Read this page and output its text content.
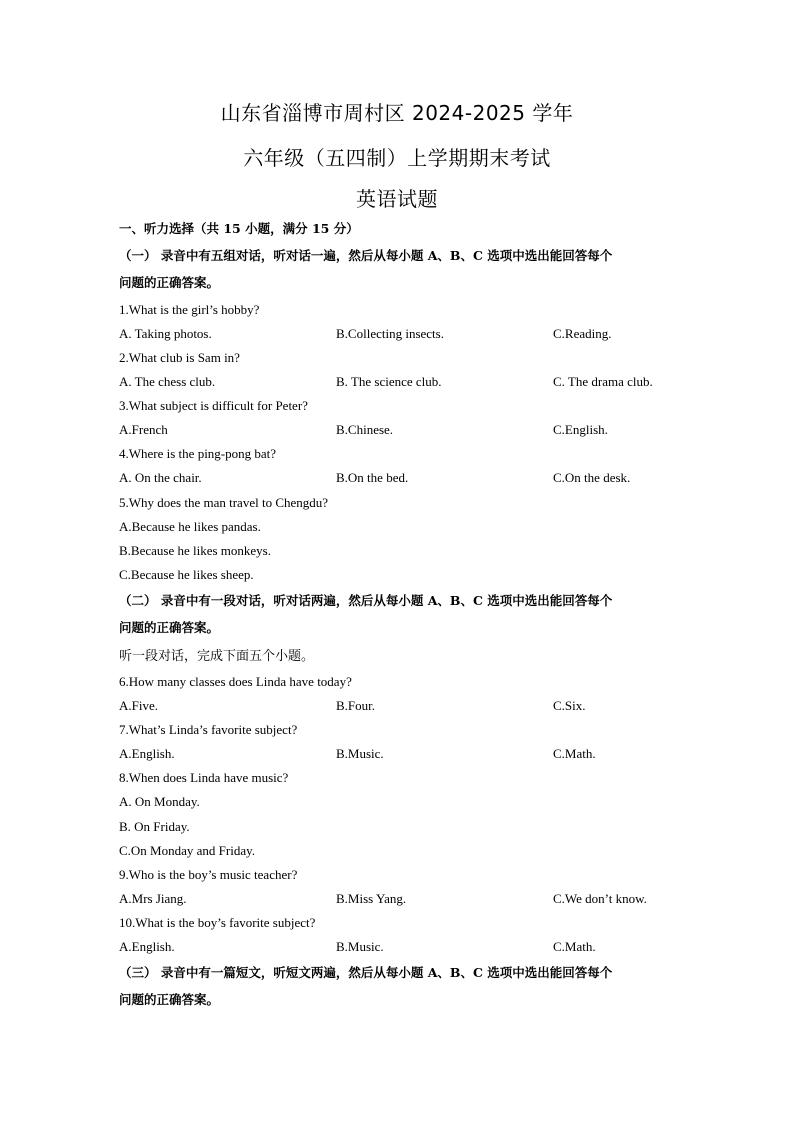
山东省淄博市周村区 2024-2025 学年
六年级（五四制）上学期期末考试
英语试题
一、听力选择（共 15 小题，满分 15 分）
（一） 录音中有五组对话，听对话一遍，然后从每小题 A、B、C 选项中选出能回答每个
问题的正确答案。
1.What is the girl’s hobby?
A. Taking photos.	B.Collecting insects.	C.Reading.
2.What club is Sam in?
A. The chess club.	B. The science club.	C. The drama club.
3.What subject is difficult for Peter?
A.French	B.Chinese.	C.English.
4.Where is the ping-pong bat?
A. On the chair.	B.On the bed.	C.On the desk.
5.Why does the man travel to Chengdu?
A.Because he likes pandas.
B.Because he likes monkeys.
C.Because he likes sheep.
（二） 录音中有一段对话，听对话两遍，然后从每小题 A、B、C 选项中选出能回答每个
问题的正确答案。
听一段对话，完成下面五个小题。
6.How many classes does Linda have today?
A.Five.	B.Four.	C.Six.
7.What’s Linda’s favorite subject?
A.English.	B.Music.	C.Math.
8.When does Linda have music?
A. On Monday.
B. On Friday.
C.On Monday and Friday.
9.Who is the boy’s music teacher?
A.Mrs Jiang.	B.Miss Yang.	C.We don’t know.
10.What is the boy’s favorite subject?
A.English.	B.Music.	C.Math.
（三） 录音中有一篇短文，听短文两遍，然后从每小题 A、B、C 选项中选出能回答每个
问题的正确答案。
